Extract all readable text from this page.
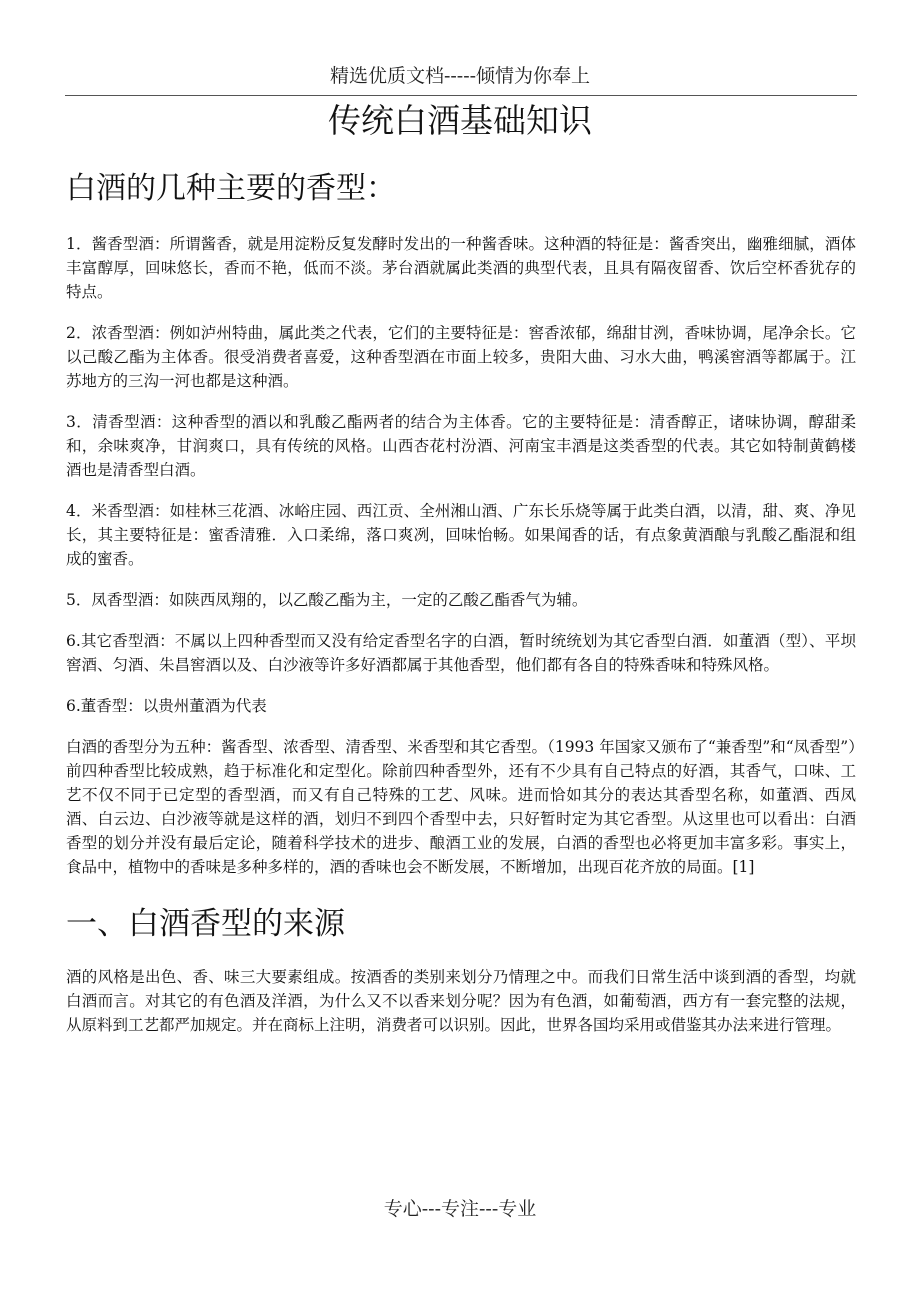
精选优质文档-----倾情为你奉上
传统白酒基础知识
白酒的几种主要的香型：

1．酱香型酒：所谓酱香，就是用淀粉反复发酵时发出的一种酱香味。这种酒的特征是：酱香突出，幽雅细腻，酒体丰富醇厚，回味悠长，香而不艳，低而不淡。茅台酒就属此类酒的典型代表，且具有隔夜留香、饮后空杯香犹存的特点。

2．浓香型酒：例如泸州特曲，属此类之代表，它们的主要特征是：窖香浓郁，绵甜甘洌，香味协调，尾净余长。它以己酸乙酯为主体香。很受消费者喜爱，这种香型酒在市面上较多，贵阳大曲、习水大曲，鸭溪窖酒等都属于。江苏地方的三沟一河也都是这种酒。

3．清香型酒：这种香型的酒以和乳酸乙酯两者的结合为主体香。它的主要特征是：清香醇正，诸味协调，醇甜柔和，余味爽净，甘润爽口，具有传统的风格。山西杏花村汾酒、河南宝丰酒是这类香型的代表。其它如特制黄鹤楼酒也是清香型白酒。

4．米香型酒：如桂林三花酒、冰峪庄园、西江贡、全州湘山酒、广东长乐烧等属于此类白酒，以清，甜、爽、净见长，其主要特征是：蜜香清雅．入口柔绵，落口爽冽，回味怡畅。如果闻香的话，有点象黄酒酿与乳酸乙酯混和组成的蜜香。

5．凤香型酒：如陕西凤翔的，以乙酸乙酯为主，一定的乙酸乙酯香气为辅。

6.其它香型酒：不属以上四种香型而又没有给定香型名字的白酒，暂时统统划为其它香型白酒．如董酒（型）、平坝窖酒、匀酒、朱昌窖酒以及、白沙液等许多好酒都属于其他香型，他们都有各自的特殊香味和特殊风格。

6.董香型：以贵州董酒为代表

白酒的香型分为五种：酱香型、浓香型、清香型、米香型和其它香型。（1993 年国家又颁布了“兼香型”和“凤香型”）前四种香型比较成熟，趋于标准化和定型化。除前四种香型外，还有不少具有自己特点的好酒，其香气，口味、工艺不仅不同于已定型的香型酒，而又有自己特殊的工艺、风味。进而恰如其分的表达其香型名称，如董酒、西凤酒、白云边、白沙液等就是这样的酒，划归不到四个香型中去，只好暂时定为其它香型。从这里也可以看出：白酒香型的划分并没有最后定论，随着科学技术的进步、酿酒工业的发展，白酒的香型也必将更加丰富多彩。事实上，食品中，植物中的香味是多种多样的，酒的香味也会不断发展，不断增加，出现百花齐放的局面。[1]

一、白酒香型的来源

酒的风格是出色、香、味三大要素组成。按酒香的类别来划分乃情理之中。而我们日常生活中谈到酒的香型，均就白酒而言。对其它的有色酒及洋酒，为什么又不以香来划分呢？因为有色酒，如葡萄酒，西方有一套完整的法规，从原料到工艺都严加规定。并在商标上注明，消费者可以识别。因此，世界各国均采用或借鉴其办法来进行管理。

专心---专注---专业
